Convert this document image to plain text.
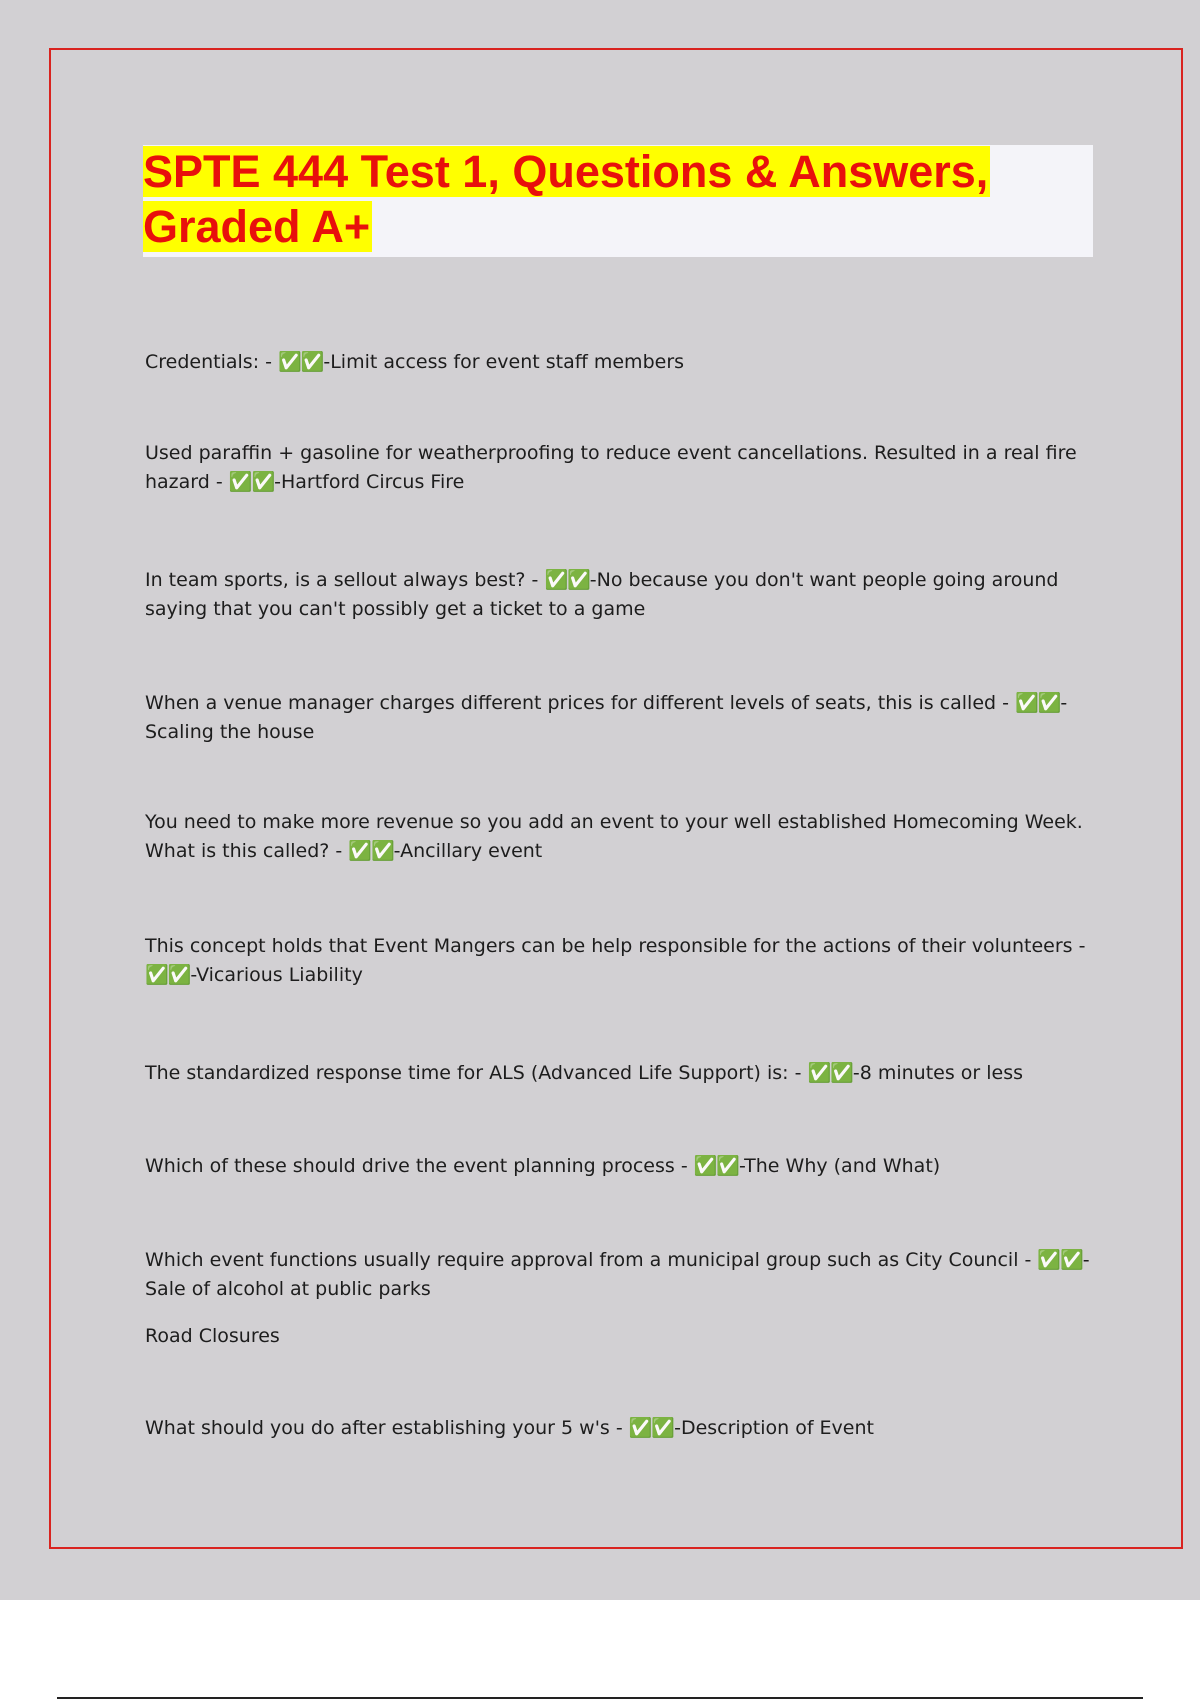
SPTE 444 Test 1, Questions & Answers, Graded A+

Credentials: - ✅✅-Limit access for event staff members

Used paraffin + gasoline for weatherproofing to reduce event cancellations. Resulted in a real fire hazard - ✅✅-Hartford Circus Fire

In team sports, is a sellout always best? - ✅✅-No because you don't want people going around saying that you can't possibly get a ticket to a game

When a venue manager charges different prices for different levels of seats, this is called - ✅✅-Scaling the house

You need to make more revenue so you add an event to your well established Homecoming Week. What is this called? - ✅✅-Ancillary event

This concept holds that Event Mangers can be help responsible for the actions of their volunteers - ✅✅-Vicarious Liability

The standardized response time for ALS (Advanced Life Support) is: - ✅✅-8 minutes or less

Which of these should drive the event planning process - ✅✅-The Why (and What)

Which event functions usually require approval from a municipal group such as City Council - ✅✅-Sale of alcohol at public parks

Road Closures

What should you do after establishing your 5 w's - ✅✅-Description of Event
